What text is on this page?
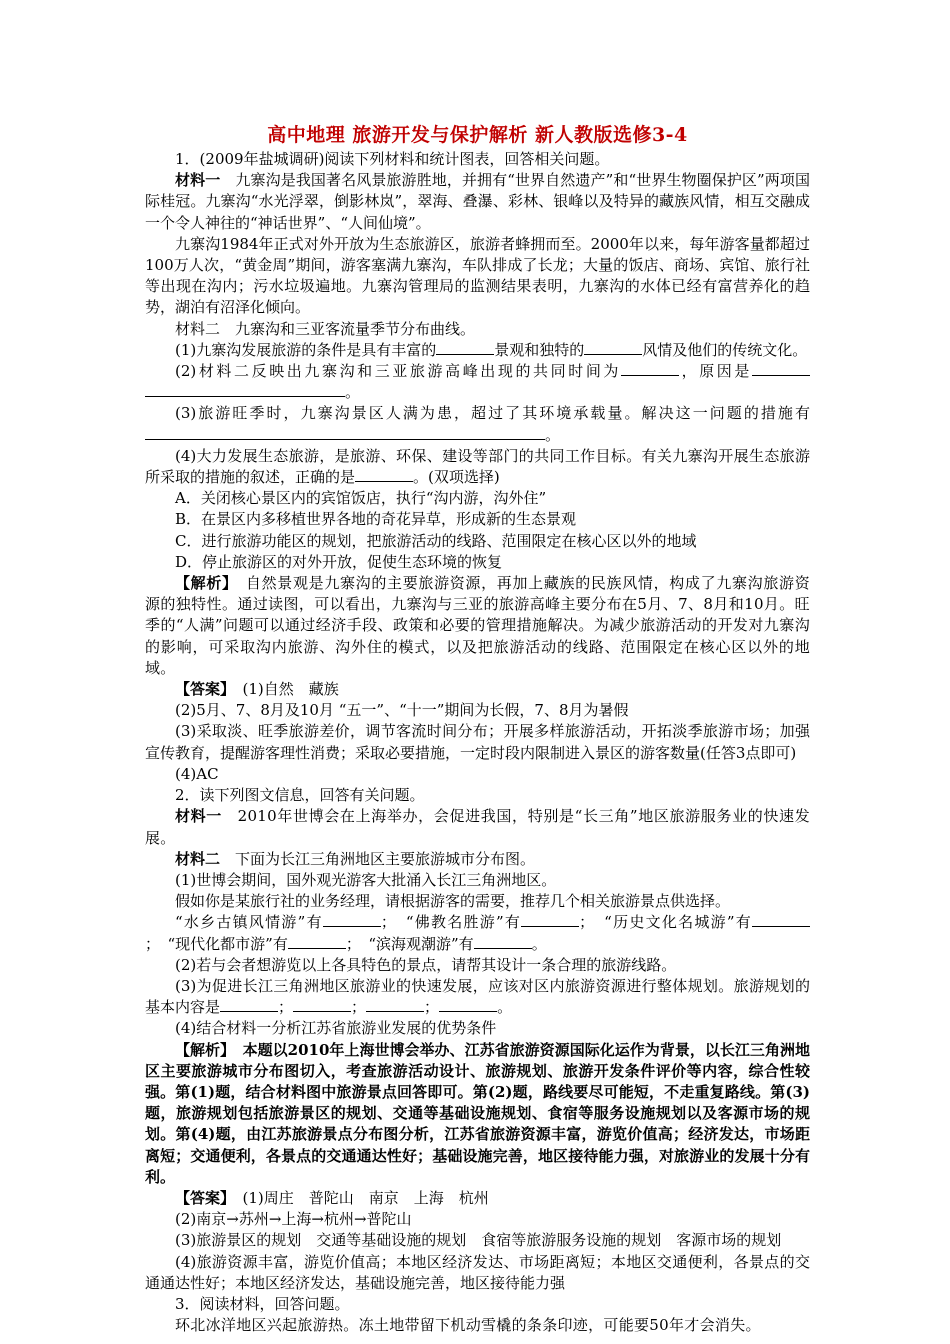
高中地理 旅游开发与保护解析 新人教版选修3-4

1．(2009年盐城调研)阅读下列材料和统计图表，回答相关问题。

材料一　九寨沟是我国著名风景旅游胜地，并拥有“世界自然遗产”和“世界生物圈保护区”两项国际桂冠。九寨沟“水光浮翠，倒影林岚”，翠海、叠瀑、彩林、银峰以及特异的藏族风情，相互交融成一个令人神往的“神话世界”、“人间仙境”。

九寨沟1984年正式对外开放为生态旅游区，旅游者蜂拥而至。2000年以来，每年游客量都超过100万人次，“黄金周”期间，游客塞满九寨沟，车队排成了长龙；大量的饭店、商场、宾馆、旅行社等出现在沟内；污水垃圾遍地。九寨沟管理局的监测结果表明，九寨沟的水体已经有富营养化的趋势，湖泊有沼泽化倾向。

材料二　九寨沟和三亚客流量季节分布曲线。

(1)九寨沟发展旅游的条件是具有丰富的	景观和独特的	风情及他们的传统文化。

(2)材料二反映出九寨沟和三亚旅游高峰出现的共同时间为	，原因是。

(3)旅游旺季时，九寨沟景区人满为患，超过了其环境承载量。解决这一问题的措施有。

(4)大力发展生态旅游，是旅游、环保、建设等部门的共同工作目标。有关九寨沟开展生态旅游所采取的措施的叙述，正确的是	。(双项选择)

A．关闭核心景区内的宾馆饭店，执行“沟内游，沟外住”

B．在景区内多移植世界各地的奇花异草，形成新的生态景观

C．进行旅游功能区的规划，把旅游活动的线路、范围限定在核心区以外的地域

D．停止旅游区的对外开放，促使生态环境的恢复

【解析】　自然景观是九寨沟的主要旅游资源，再加上藏族的民族风情，构成了九寨沟旅游资源的独特性。通过读图，可以看出，九寨沟与三亚的旅游高峰主要分布在5月、7、8月和10月。旺季的“人满”问题可以通过经济手段、政策和必要的管理措施解决。为减少旅游活动的开发对九寨沟的影响，可采取沟内旅游、沟外住的模式，以及把旅游活动的线路、范围限定在核心区以外的地域。

【答案】　(1)自然　藏族

(2)5月、7、8月及10月 “五一”、“十一”期间为长假，7、8月为暑假

(3)采取淡、旺季旅游差价，调节客流时间分布；开展多样旅游活动，开拓淡季旅游市场；加强宣传教育，提醒游客理性消费；采取必要措施，一定时段内限制进入景区的游客数量(任答3点即可)

(4)AC

2．读下列图文信息，回答有关问题。

材料一　2010年世博会在上海举办，会促进我国，特别是“长三角”地区旅游服务业的快速发展。

材料二　下面为长江三角洲地区主要旅游城市分布图。

(1)世博会期间，国外观光游客大批涌入长江三角洲地区。

假如你是某旅行社的业务经理，请根据游客的需要，推荐几个相关旅游景点供选择。

“水乡古镇风情游”有	；　“佛教名胜游”有	；　“历史文化名城游”有；　“现代化都市游”有	；　“滨海观潮游”有	。

(2)若与会者想游览以上各具特色的景点，请帮其设计一条合理的旅游线路。

(3)为促进长江三角洲地区旅游业的快速发展，应该对区内旅游资源进行整体规划。旅游规划的基本内容是	；	；	；	。

(4)结合材料一分析江苏省旅游业发展的优势条件

【解析】　本题以2010年上海世博会举办、江苏省旅游资源国际化运作为背景，以长江三角洲地区主要旅游城市分布图切入，考查旅游活动设计、旅游规划、旅游开发条件评价等内容，综合性较强。第(1)题，结合材料图中旅游景点回答即可。第(2)题，路线要尽可能短，不走重复路线。第(3)题，旅游规划包括旅游景区的规划、交通等基础设施规划、食宿等服务设施规划以及客源市场的规划。第(4)题，由江苏旅游景点分布图分析，江苏省旅游资源丰富，游览价值高；经济发达，市场距离短；交通便利，各景点的交通通达性好；基础设施完善，地区接待能力强，对旅游业的发展十分有利。

【答案】　(1)周庄　普陀山　南京　上海　杭州

(2)南京→苏州→上海→杭州→普陀山

(3)旅游景区的规划　交通等基础设施的规划　食宿等旅游服务设施的规划　客源市场的规划

(4)旅游资源丰富，游览价值高；本地区经济发达、市场距离短；本地区交通便利，各景点的交通通达性好；本地区经济发达，基础设施完善，地区接待能力强

3．阅读材料，回答问题。

环北冰洋地区兴起旅游热。冻土地带留下机动雪橇的条条印迹，可能要50年才会消失。
